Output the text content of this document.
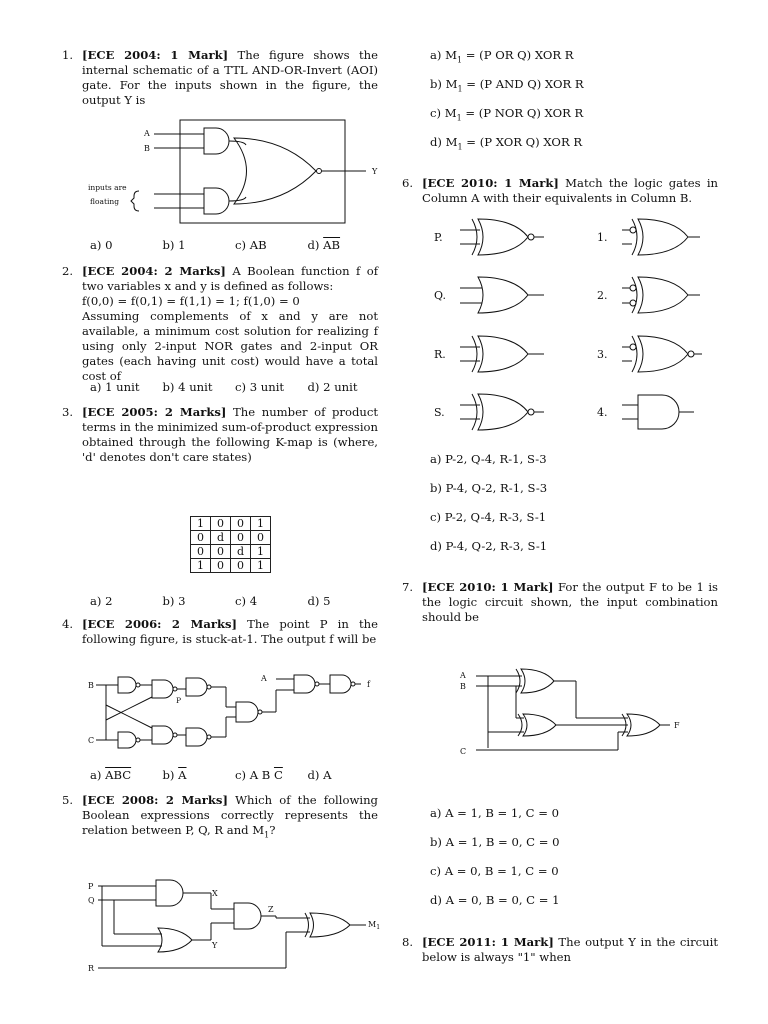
1. [ECE 2004: 1 Mark] The figure shows the internal schematic of a TTL AND-OR-Invert (AOI) gate. For the inputs shown in the figure, the output Y is
A
B
inputs are
floating
Y
a) 0	b) 1	c) AB	d) $\overline{AB}$
2. [ECE 2004: 2 Marks] A Boolean function f of two variables x and y is defined as follows:
f(0,0) = f(0,1) = f(1,1) = 1; f(1,0) = 0
Assuming complements of x and y are not available, a minimum cost solution for realizing f using only 2-input NOR gates and 2-input OR gates (each having unit cost) would have a total cost of
a) 1 unit	b) 4 unit	c) 3 unit	d) 2 unit
3. [ECE 2005: 2 Marks] The number of product terms in the minimized sum-of-product expression obtained through the following K-map is (where, 'd' denotes don't care states)
1	0	0	1
0	d	0	0
0	0	d	1
1	0	0	1
a) 2	b) 3	c) 4	d) 5
4. [ECE 2006: 2 Marks] The point P in the following figure, is stuck-at-1. The output f will be
B
C
P
A
f
a) $\overline{ABC}$	b) $\overline{A}$	c) A B $\overline{C}$	d) A
5. [ECE 2008: 2 Marks] Which of the following Boolean expressions correctly represents the relation between P, Q, R and $M_1$?
P
Q
R
X
Y
Z
$M_1$
a) $M_1 = (P$ OR Q) XOR R
b) $M_1 = (P$ AND Q) XOR R
c) $M_1 = (P$ NOR Q) XOR R
d) $M_1 = (P$ XOR Q) XOR R
6. [ECE 2010: 1 Mark] Match the logic gates in Column A with their equivalents in Column B.
P.
Q.
R.
S.
1.
2.
3.
4.
a) P-2, Q-4, R-1, S-3
b) P-4, Q-2, R-1, S-3
c) P-2, Q-4, R-3, S-1
d) P-4, Q-2, R-3, S-1
7. [ECE 2010: 1 Mark] For the output F to be 1 is the logic circuit shown, the input combination should be
A
B
C
F
a) A = 1, B = 1, C = 0
b) A = 1, B = 0, C = 0
c) A = 0, B = 1, C = 0
d) A = 0, B = 0, C = 1
8. [ECE 2011: 1 Mark] The output Y in the circuit below is always "1" when
